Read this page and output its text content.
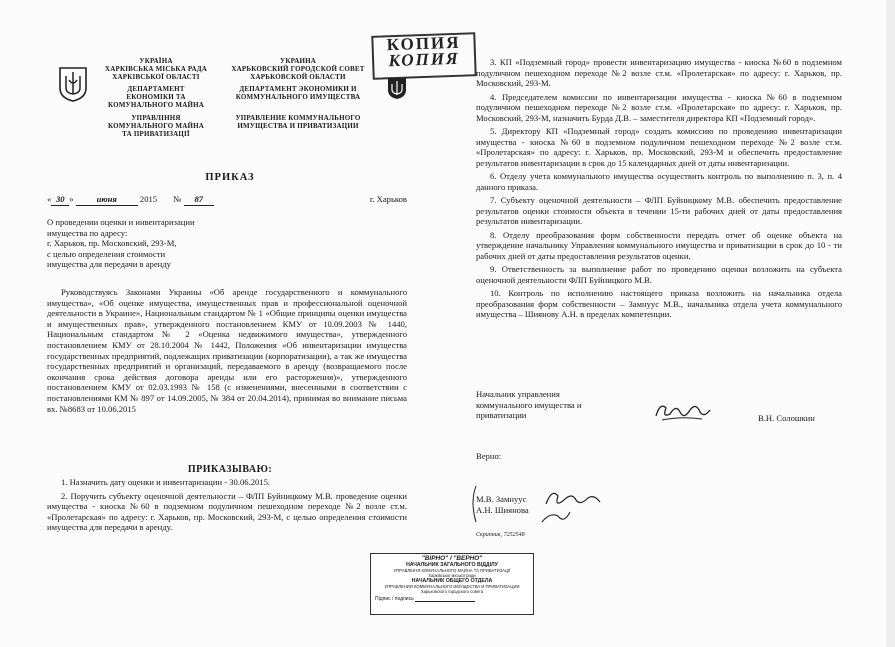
УКРАЇНА
ХАРКІВСЬКА МІСЬКА РАДА
ХАРКІВСЬКОЇ ОБЛАСТІ
ДЕПАРТАМЕНТ
ЕКОНОМІКИ ТА
КОМУНАЛЬНОГО МАЙНА
УПРАВЛІННЯ
КОМУНАЛЬНОГО МАЙНА
ТА ПРИВАТИЗАЦІЇ
УКРАИНА
ХАРЬКОВСКИЙ ГОРОДСКОЙ СОВЕТ
ХАРЬКОВСКОЙ ОБЛАСТИ
ДЕПАРТАМЕНТ ЭКОНОМИКИ И
КОММУНАЛЬНОГО ИМУЩЕСТВА
УПРАВЛЕНИЕ КОММУНАЛЬНОГО
ИМУЩЕСТВА И ПРИВАТИЗАЦИИ
КОПИЯ
КОПИЯ
ПРИКАЗ
« 30 »	июня	2015 № 87	г. Харьков
О проведении оценки и инвентаризации
имущества по адресу:
г. Харьков, пр. Московский, 293-М,
с целью определения стоимости
имущества для передачи в аренду

Руководствуясь Законами Украины «Об аренде государственного и коммунального имущества», «Об оценке имущества, имущественных прав и профессиональной оценочной деятельности в Украине», Национальным стандартом № 1 «Общие принципы оценки имущества и имущественных прав», утвержденного постановлением КМУ от 10.09.2003 № 1440, Национальным стандартом № 2 «Оценка недвижимого имущества», утвержденного постановлением КМУ от 28.10.2004 № 1442, Положения «Об инвентаризации имущества государственных предприятий, подлежащих приватизации (корпоратизации), а так же имущества государственных предприятий и организаций, передаваемого в аренду (возвращаемого после окончания срока действия договора аренды или его расторжения)», утвержденного постановлением КМУ от 02.03.1993 № 158 (с изменениями, внесенными в соответствии с постановлениями КМ № 897 от 14.09.2005, № 384 от 20.04.2014), принимая во внимание письма вх. №8683 от 10.06.2015

ПРИКАЗЫВАЮ:

1. Назначить дату оценки и инвентаризации - 30.06.2015.

2. Поручить субъекту оценочной деятельности – ФЛП Буйницкому М.В. проведение оценки имущества - киоска №60 в подземном подуличном пешеходном переходе №2 возле ст.м. «Пролетарская» по адресу: г. Харьков, пр. Московский, 293-М, с целью определения стоимости имущества для передачи в аренду.

3. КП «Подземный город» провести инвентаризацию имущества - киоска №60 в подземном подуличном пешеходном переходе №2 возле ст.м. «Пролетарская» по адресу: г. Харьков, пр. Московский, 293-М.

4. Председателем комиссии по инвентаризации имущества - киоска №60 в подземном подуличном пешеходном переходе №2 возле ст.м. «Пролетарская» по адресу: г. Харьков, пр. Московский, 293-М, назначить Бурда Д.В. – заместителя директора КП «Подземный город».

5. Директору КП «Подземный город» создать комиссию по проведению инвентаризации имущества - киоска №60 в подземном подуличном пешеходном переходе №2 возле ст.м. «Пролетарская» по адресу: г. Харьков, пр. Московский, 293-М и обеспечить предоставление результатов инвентаризации в срок до 15 календарных дней от даты инвентаризации.

6. Отделу учета коммунального имущества осуществить контроль по выполнению п. 3, п. 4 данного приказа.

7. Субъекту оценочной деятельности – ФЛП Буйницкому М.В. обеспечить предоставление результатов оценки стоимости объекта в течении 15-ти рабочих дней от даты предоставления результатов инвентаризации.

8. Отделу преобразования форм собственности передать отчет об оценке объекта на утверждение начальнику Управления коммунального имущества и приватизации в срок до 10 - ти рабочих дней от даты предоставления результатов оценки.

9. Ответственность за выполнение работ по проведению оценки возложить на субъекта оценочной деятельности ФЛП Буйницкого М.В.

10. Контроль по исполнению настоящего приказа возложить на начальника отдела преобразования форм собственности – Замнуус М.В., начальника отдела учета коммунального имущества – Шиянову А.Н. в пределах компетенции.

Начальник управления
коммунального имущества и
приватизации	В.Н. Солошкин
Верно:
М.В. Замнуус
А.Н. Шиянова
Скрипник, 7252548
"ВІРНО" / "ВЕРНО"
НАЧАЛЬНИК ЗАГАЛЬНОГО ВІДДІЛУ
УПРАВЛІННЯ КОМУНАЛЬНОГО МАЙНА ТА ПРИВАТИЗАЦІЇ
Харківської міської ради
НАЧАЛЬНИК ОБЩЕГО ОТДЕЛА
УПРАВЛЕНИЯ КОММУНАЛЬНОГО ИМУЩЕСТВА И ПРИВАТИЗАЦИИ
Харьковского городского совета
Підпис / подпись
